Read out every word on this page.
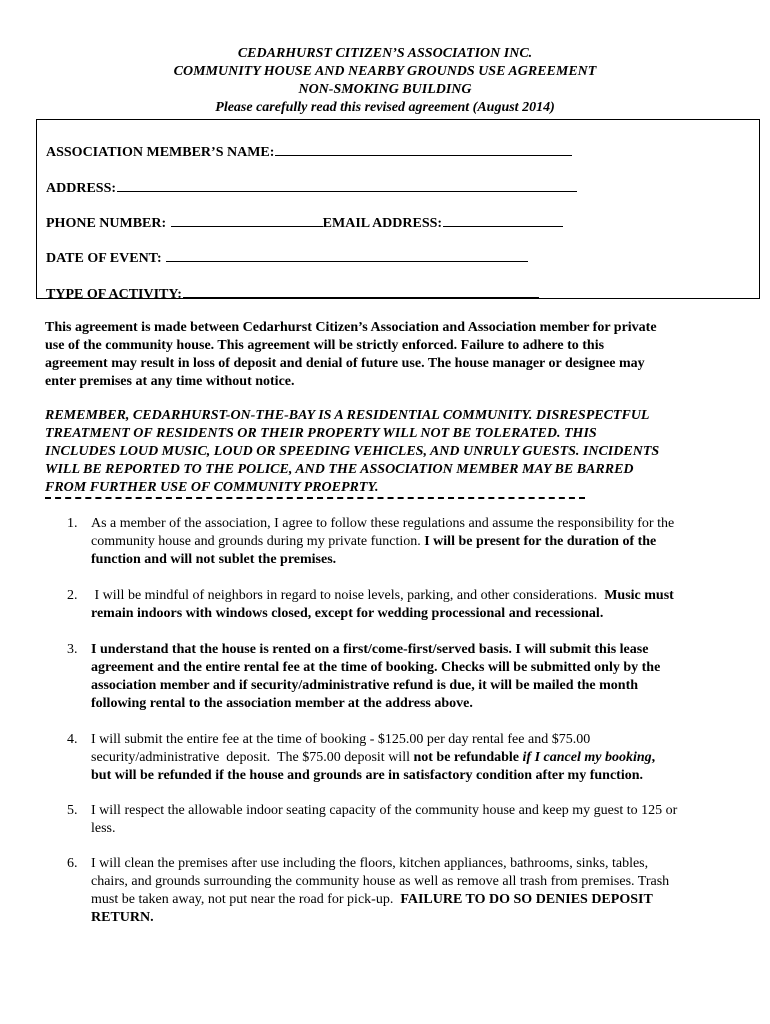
CEDARHURST CITIZEN’S ASSOCIATION INC.
COMMUNITY HOUSE AND NEARBY GROUNDS USE AGREEMENT
NON-SMOKING BUILDING
Please carefully read this revised agreement (August 2014)
ASSOCIATION MEMBER’S NAME:
ADDRESS:
PHONE NUMBER:	EMAIL ADDRESS:
DATE OF EVENT:
TYPE OF ACTIVITY:
This agreement is made between Cedarhurst Citizen’s Association and Association member for private
use of the community house. This agreement will be strictly enforced. Failure to adhere to this
agreement may result in loss of deposit and denial of future use. The house manager or designee may
enter premises at any time without notice.
REMEMBER, CEDARHURST-ON-THE-BAY IS A RESIDENTIAL COMMUNITY. DISRESPECTFUL
TREATMENT OF RESIDENTS OR THEIR PROPERTY WILL NOT BE TOLERATED. THIS
INCLUDES LOUD MUSIC, LOUD OR SPEEDING VEHICLES, AND UNRULY GUESTS. INCIDENTS
WILL BE REPORTED TO THE POLICE, AND THE ASSOCIATION MEMBER MAY BE BARRED
FROM FURTHER USE OF COMMUNITY PROEPRTY.
1. As a member of the association, I agree to follow these regulations and assume the responsibility for the
community house and grounds during my private function. I will be present for the duration of the
function and will not sublet the premises.
2. I will be mindful of neighbors in regard to noise levels, parking, and other considerations.  Music must
remain indoors with windows closed, except for wedding processional and recessional.
3. I understand that the house is rented on a first/come-first/served basis. I will submit this lease
agreement and the entire rental fee at the time of booking. Checks will be submitted only by the
association member and if security/administrative refund is due, it will be mailed the month
following rental to the association member at the address above.
4. I will submit the entire fee at the time of booking - $125.00 per day rental fee and $75.00
security/administrative  deposit.  The $75.00 deposit will not be refundable if I cancel my booking,
but will be refunded if the house and grounds are in satisfactory condition after my function.
5. I will respect the allowable indoor seating capacity of the community house and keep my guest to 125 or
less.
6. I will clean the premises after use including the floors, kitchen appliances, bathrooms, sinks, tables,
chairs, and grounds surrounding the community house as well as remove all trash from premises. Trash
must be taken away, not put near the road for pick-up.  FAILURE TO DO SO DENIES DEPOSIT
RETURN.
